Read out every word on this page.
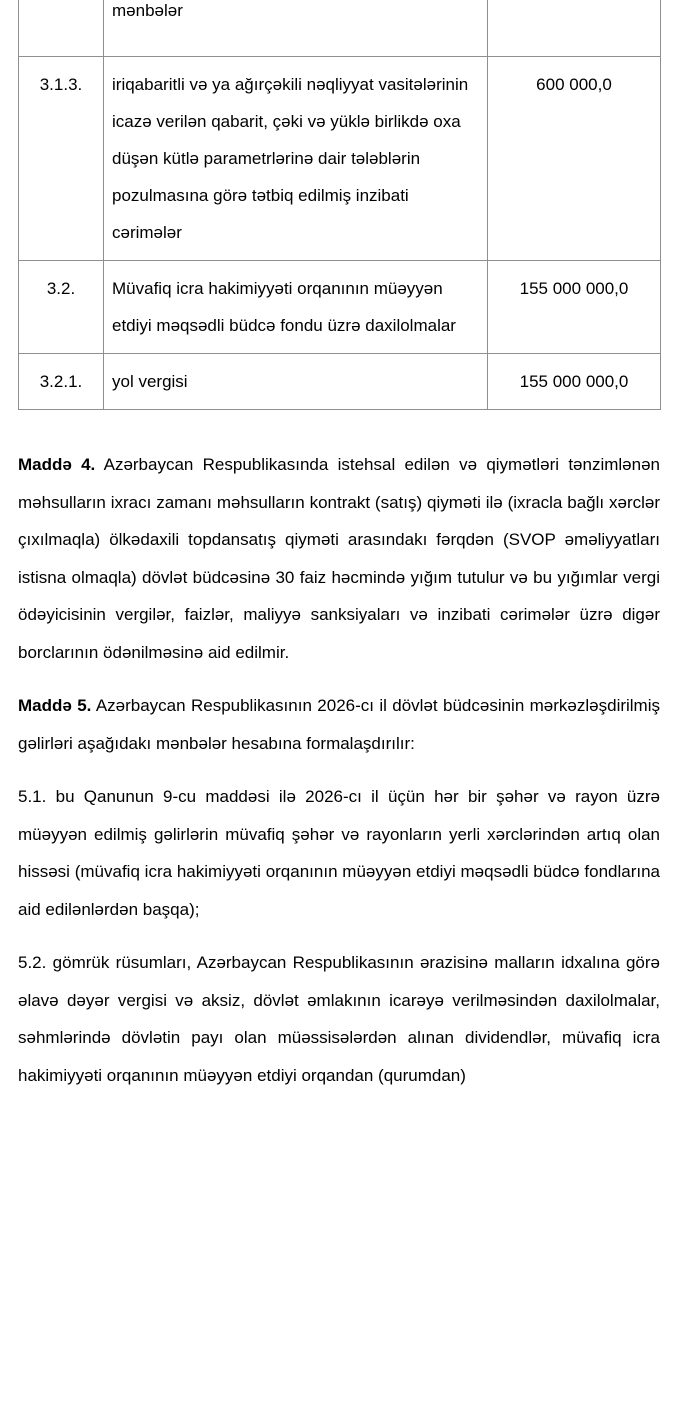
	mənbələr	

3.1.3.	iriqabaritli və ya ağırçəkili nəqliyyat vasitələrinin icazə verilən qabarit, çəki və yüklə birlikdə oxa düşən kütlə parametrlərinə dair tələblərin pozulmasına görə tətbiq edilmiş inzibati cərimələr	600 000,0
3.2.	Müvafiq icra hakimiyyəti orqanının müəyyən etdiyi məqsədli büdcə fondu üzrə daxilolmalar	155 000 000,0
3.2.1.	yol vergisi	155 000 000,0

Maddə 4. Azərbaycan Respublikasında istehsal edilən və qiymətləri tənzimlənən məhsulların ixracı zamanı məhsulların kontrakt (satış) qiyməti ilə (ixracla bağlı xərclər çıxılmaqla) ölkədaxili topdansatış qiyməti arasındakı fərqdən (SVOP əməliyyatları istisna olmaqla) dövlət büdcəsinə 30 faiz həcmində yığım tutulur və bu yığımlar vergi ödəyicisinin vergilər, faizlər, maliyyə sanksiyaları və inzibati cərimələr üzrə digər borclarının ödənilməsinə aid edilmir.

Maddə 5. Azərbaycan Respublikasının 2026-cı il dövlət büdcəsinin mərkəzləşdirilmiş gəlirləri aşağıdakı mənbələr hesabına formalaşdırılır:

5.1. bu Qanunun 9-cu maddəsi ilə 2026-cı il üçün hər bir şəhər və rayon üzrə müəyyən edilmiş gəlirlərin müvafiq şəhər və rayonların yerli xərclərindən artıq olan hissəsi (müvafiq icra hakimiyyəti orqanının müəyyən etdiyi məqsədli büdcə fondlarına aid edilənlərdən başqa);

5.2. gömrük rüsumları, Azərbaycan Respublikasının ərazisinə malların idxalına görə əlavə dəyər vergisi və aksiz, dövlət əmlakının icarəyə verilməsindən daxilolmalar, səhmlərində dövlətin payı olan müəssisələrdən alınan dividendlər, müvafiq icra hakimiyyəti orqanının müəyyən etdiyi orqandan (qurumdan)
